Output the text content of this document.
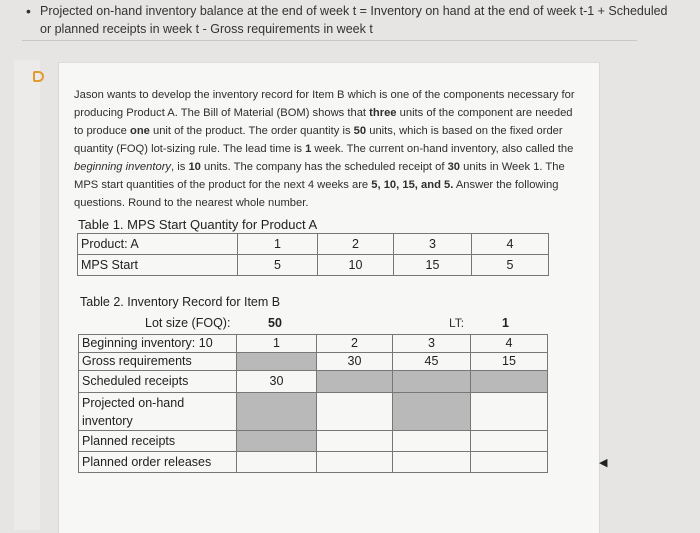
• Projected on-hand inventory balance at the end of week t = Inventory on hand at the end of week t-1 + Scheduled
or planned receipts in week t - Gross requirements in week t
Jason wants to develop the inventory record for Item B which is one of the components necessary for producing Product A. The Bill of Material (BOM) shows that three units of the component are needed to produce one unit of the product. The order quantity is 50 units, which is based on the fixed order quantity (FOQ) lot-sizing rule. The lead time is 1 week. The current on-hand inventory, also called the beginning inventory, is 10 units. The company has the scheduled receipt of 30 units in Week 1. The MPS start quantities of the product for the next 4 weeks are 5, 10, 15, and 5. Answer the following questions. Round to the nearest whole number.
Table 1. MPS Start Quantity for Product A
Product: A	1	2	3	4
MPS Start	5	10	15	5
Table 2. Inventory Record for Item B
Lot size (FOQ):	50	LT:	1
Beginning inventory: 10	1	2	3	4
Gross requirements		30	45	15
Scheduled receipts	30			
Projected on-hand inventory				
Planned receipts				
Planned order releases					◀
